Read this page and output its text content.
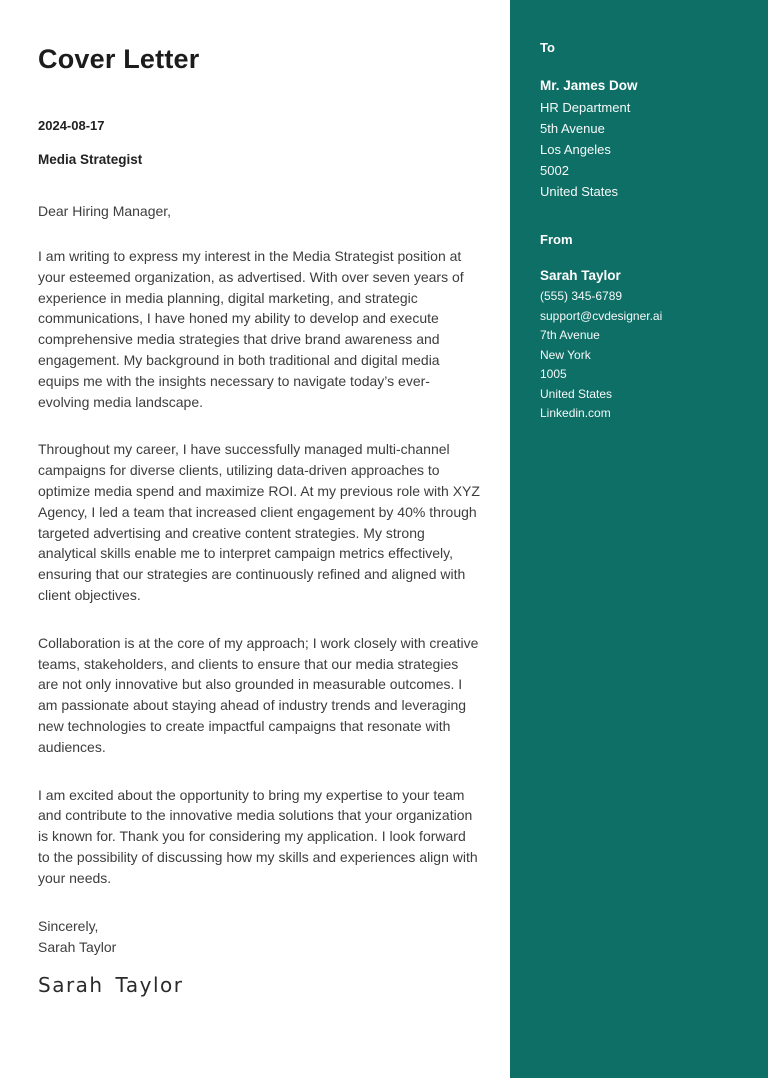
Cover Letter
2024-08-17
Media Strategist
Dear Hiring Manager,

I am writing to express my interest in the Media Strategist position at your esteemed organization, as advertised. With over seven years of experience in media planning, digital marketing, and strategic communications, I have honed my ability to develop and execute comprehensive media strategies that drive brand awareness and engagement. My background in both traditional and digital media equips me with the insights necessary to navigate today’s ever-evolving media landscape.

Throughout my career, I have successfully managed multi-channel campaigns for diverse clients, utilizing data-driven approaches to optimize media spend and maximize ROI. At my previous role with XYZ Agency, I led a team that increased client engagement by 40% through targeted advertising and creative content strategies. My strong analytical skills enable me to interpret campaign metrics effectively, ensuring that our strategies are continuously refined and aligned with client objectives.

Collaboration is at the core of my approach; I work closely with creative teams, stakeholders, and clients to ensure that our media strategies are not only innovative but also grounded in measurable outcomes. I am passionate about staying ahead of industry trends and leveraging new technologies to create impactful campaigns that resonate with audiences.

I am excited about the opportunity to bring my expertise to your team and contribute to the innovative media solutions that your organization is known for. Thank you for considering my application. I look forward to the possibility of discussing how my skills and experiences align with your needs.

Sincerely,
Sarah Taylor
Sarah Taylor
To
Mr. James Dow
HR Department
5th Avenue
Los Angeles
5002
United States
From
Sarah Taylor
(555) 345-6789
support@cvdesigner.ai
7th Avenue
New York
1005
United States
Linkedin.com
